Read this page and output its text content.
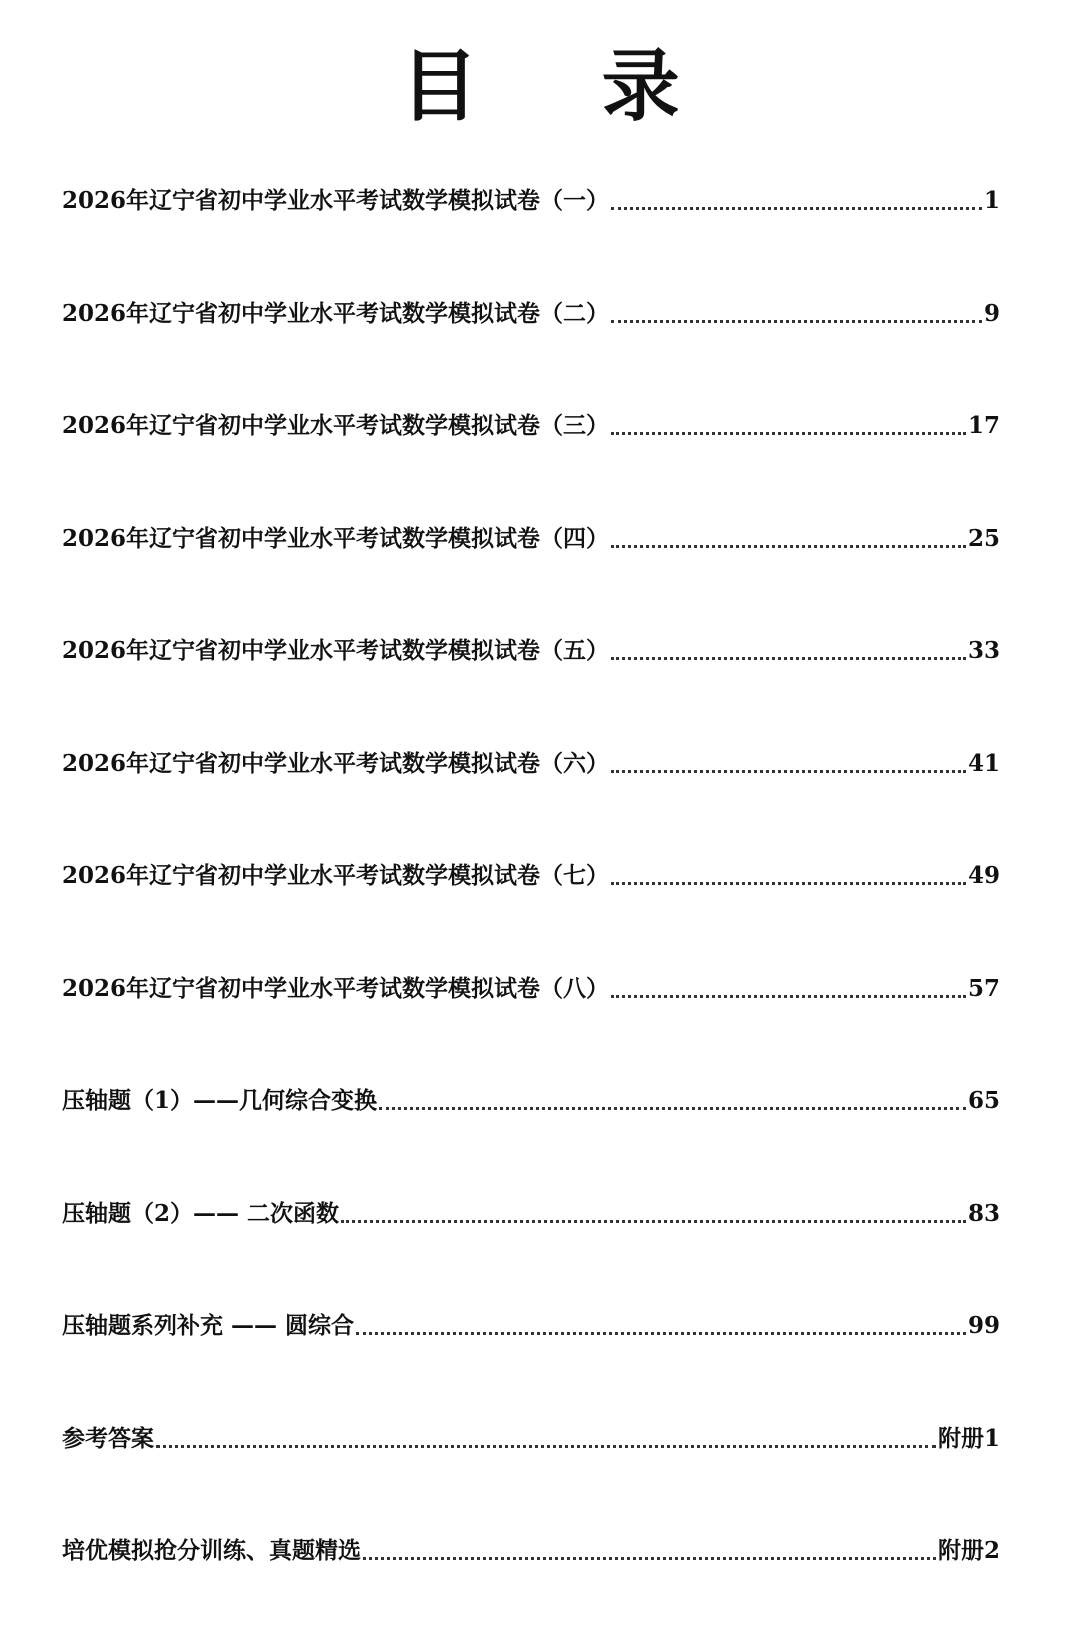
目 录
2026年辽宁省初中学业水平考试数学模拟试卷（一）	1
2026年辽宁省初中学业水平考试数学模拟试卷（二）	9
2026年辽宁省初中学业水平考试数学模拟试卷（三）	17
2026年辽宁省初中学业水平考试数学模拟试卷（四）	25
2026年辽宁省初中学业水平考试数学模拟试卷（五）	33
2026年辽宁省初中学业水平考试数学模拟试卷（六）	41
2026年辽宁省初中学业水平考试数学模拟试卷（七）	49
2026年辽宁省初中学业水平考试数学模拟试卷（八）	57
压轴题（1）——几何综合变换	65
压轴题（2）—— 二次函数	83
压轴题系列补充 —— 圆综合	99
参考答案	附册1
培优模拟抢分训练、真题精选	附册2
